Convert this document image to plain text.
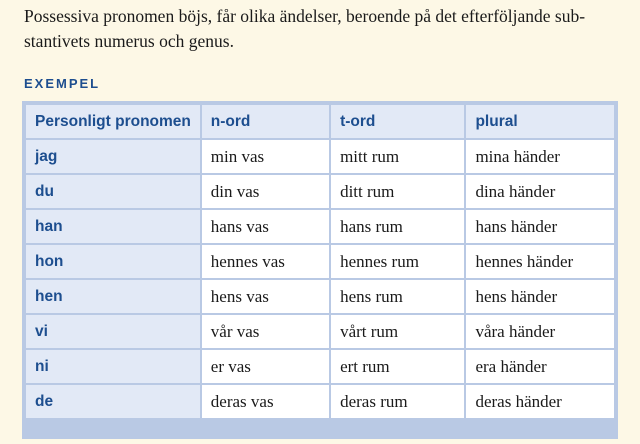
Possessiva pronomen böjs, får olika ändelser, beroende på det efterföljande sub-
stantivets numerus och genus.

EXEMPEL
Personligt pronomen	n-ord	t-ord	plural
jag	min vas	mitt rum	mina händer
du	din vas	ditt rum	dina händer
han	hans vas	hans rum	hans händer
hon	hennes vas	hennes rum	hennes händer
hen	hens vas	hens rum	hens händer
vi	vår vas	vårt rum	våra händer
ni	er vas	ert rum	era händer
de	deras vas	deras rum	deras händer
